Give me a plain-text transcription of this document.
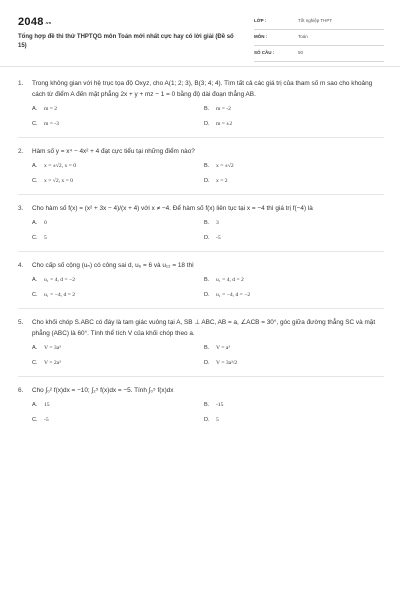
2048.vn
Tổng hợp đề thi thử THPTQG môn Toán mới nhất cực hay có lời giải (Đề số 15)
LỚP :	Tốt nghiệp THPT
MÔN :	Toán
SỐ CÂU :	50
1.	Trong không gian với hệ trục tọa độ Oxyz, cho A(1; 2; 3), B(3; 4; 4). Tìm tất cả các giá trị của tham số m sao cho khoảng cách từ điểm A đến mặt phẳng 2x + y + mz − 1 = 0 bằng độ dài đoạn thẳng AB.
A.	m = 2	B.	m = -2
C.	m = -3	D.	m = ±2
2.	Hàm số y = x⁴ − 4x² + 4 đạt cực tiểu tại những điểm nào?
A.	x = ±√2, x = 0	B.	x = ±√2
C.	x = √2, x = 0	D.	x = 2
3.	Cho hàm số f(x) = (x² + 3x − 4)/(x + 4) với x ≠ −4. Để hàm số f(x) liên tục tại x = −4 thì giá trị f(−4) là
A.	0	B.	3
C.	5	D.	-5
4.	Cho cấp số cộng (uₙ) có công sai d, u₆ = 6 và u₁₂ = 18 thì
A.	u₁ = 4, d = −2	B.	u₁ = 4, d = 2
C.	u₁ = −4, d = 2	D.	u₁ = −4, d = −2
5.	Cho khối chóp S.ABC có đáy là tam giác vuông tại A, SB ⊥ ABC, AB = a, ∠ACB = 30°, góc giữa đường thẳng SC và mặt phẳng (ABC) là 60°. Tính thể tích V của khối chóp theo a.
A.	V = 3a³	B.	V = a³
C.	V = 2a³	D.	V = 3a³/2
6.	Cho ∫₀² f(x)dx = −10; ∫₂⁵ f(x)dx = −5. Tính ∫₀⁵ f(x)dx
A.	15	B.	-15
C.	-5	D.	5
